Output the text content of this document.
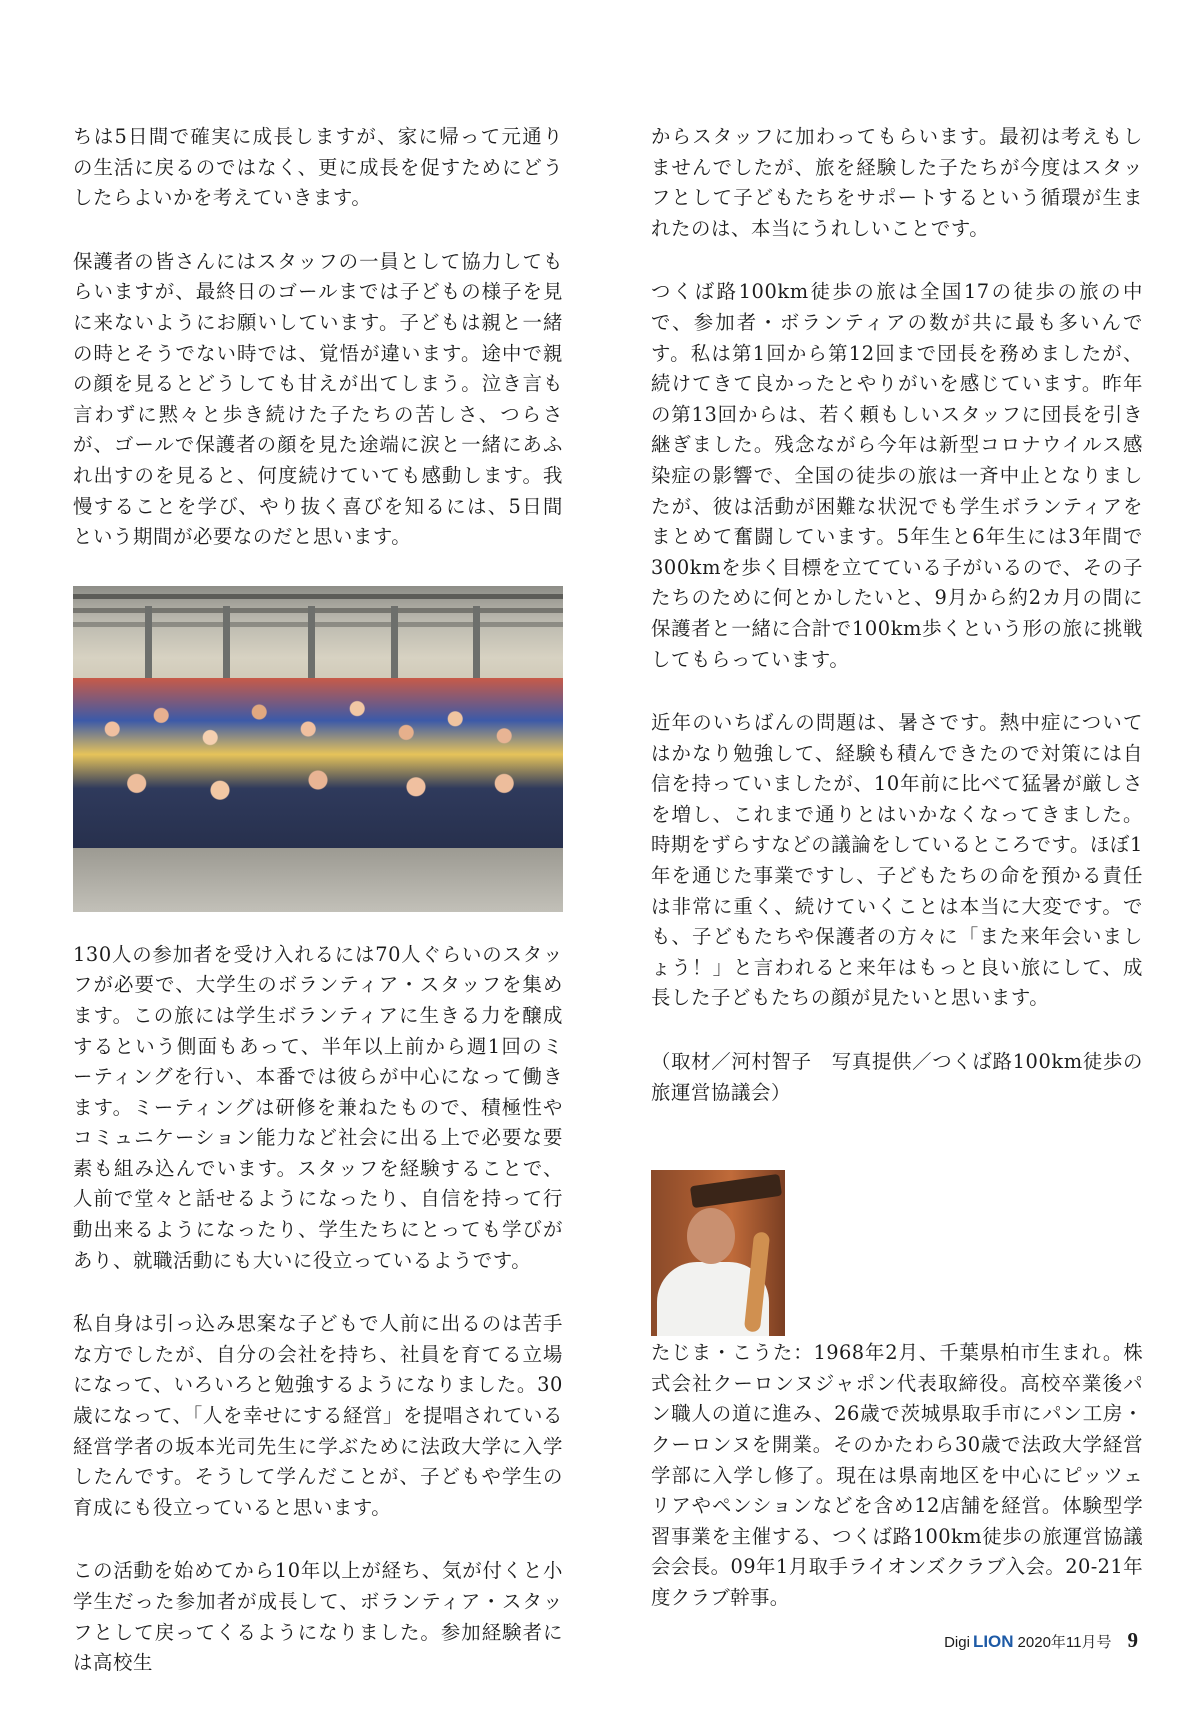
ちは5日間で確実に成長しますが、家に帰って元通りの生活に戻るのではなく、更に成長を促すためにどうしたらよいかを考えていきます。

保護者の皆さんにはスタッフの一員として協力してもらいますが、最終日のゴールまでは子どもの様子を見に来ないようにお願いしています。子どもは親と一緒の時とそうでない時では、覚悟が違います。途中で親の顔を見るとどうしても甘えが出てしまう。泣き言も言わずに黙々と歩き続けた子たちの苦しさ、つらさが、ゴールで保護者の顔を見た途端に涙と一緒にあふれ出すのを見ると、何度続けていても感動します。我慢することを学び、やり抜く喜びを知るには、5日間という期間が必要なのだと思います。

130人の参加者を受け入れるには70人ぐらいのスタッフが必要で、大学生のボランティア・スタッフを集めます。この旅には学生ボランティアに生きる力を醸成するという側面もあって、半年以上前から週1回のミーティングを行い、本番では彼らが中心になって働きます。ミーティングは研修を兼ねたもので、積極性やコミュニケーション能力など社会に出る上で必要な要素も組み込んでいます。スタッフを経験することで、人前で堂々と話せるようになったり、自信を持って行動出来るようになったり、学生たちにとっても学びがあり、就職活動にも大いに役立っているようです。

私自身は引っ込み思案な子どもで人前に出るのは苦手な方でしたが、自分の会社を持ち、社員を育てる立場になって、いろいろと勉強するようになりました。30歳になって、「人を幸せにする経営」を提唱されている経営学者の坂本光司先生に学ぶために法政大学に入学したんです。そうして学んだことが、子どもや学生の育成にも役立っていると思います。

この活動を始めてから10年以上が経ち、気が付くと小学生だった参加者が成長して、ボランティア・スタッフとして戻ってくるようになりました。参加経験者には高校生

からスタッフに加わってもらいます。最初は考えもしませんでしたが、旅を経験した子たちが今度はスタッフとして子どもたちをサポートするという循環が生まれたのは、本当にうれしいことです。

つくば路100km徒歩の旅は全国17の徒歩の旅の中で、参加者・ボランティアの数が共に最も多いんです。私は第1回から第12回まで団長を務めましたが、続けてきて良かったとやりがいを感じています。昨年の第13回からは、若く頼もしいスタッフに団長を引き継ぎました。残念ながら今年は新型コロナウイルス感染症の影響で、全国の徒歩の旅は一斉中止となりましたが、彼は活動が困難な状況でも学生ボランティアをまとめて奮闘しています。5年生と6年生には3年間で300kmを歩く目標を立てている子がいるので、その子たちのために何とかしたいと、9月から約2カ月の間に保護者と一緒に合計で100km歩くという形の旅に挑戦してもらっています。

近年のいちばんの問題は、暑さです。熱中症についてはかなり勉強して、経験も積んできたので対策には自信を持っていましたが、10年前に比べて猛暑が厳しさを増し、これまで通りとはいかなくなってきました。時期をずらすなどの議論をしているところです。ほぼ1年を通じた事業ですし、子どもたちの命を預かる責任は非常に重く、続けていくことは本当に大変です。でも、子どもたちや保護者の方々に「また来年会いましょう！」と言われると来年はもっと良い旅にして、成長した子どもたちの顔が見たいと思います。

（取材／河村智子　写真提供／つくば路100km徒歩の旅運営協議会）

たじま・こうた：1968年2月、千葉県柏市生まれ。株式会社クーロンヌジャポン代表取締役。高校卒業後パン職人の道に進み、26歳で茨城県取手市にパン工房・クーロンヌを開業。そのかたわら30歳で法政大学経営学部に入学し修了。現在は県南地区を中心にピッツェリアやペンションなどを含め12店舗を経営。体験型学習事業を主催する、つくば路100km徒歩の旅運営協議会会長。09年1月取手ライオンズクラブ入会。20-21年度クラブ幹事。

Digi LION 2020年11月号 9
